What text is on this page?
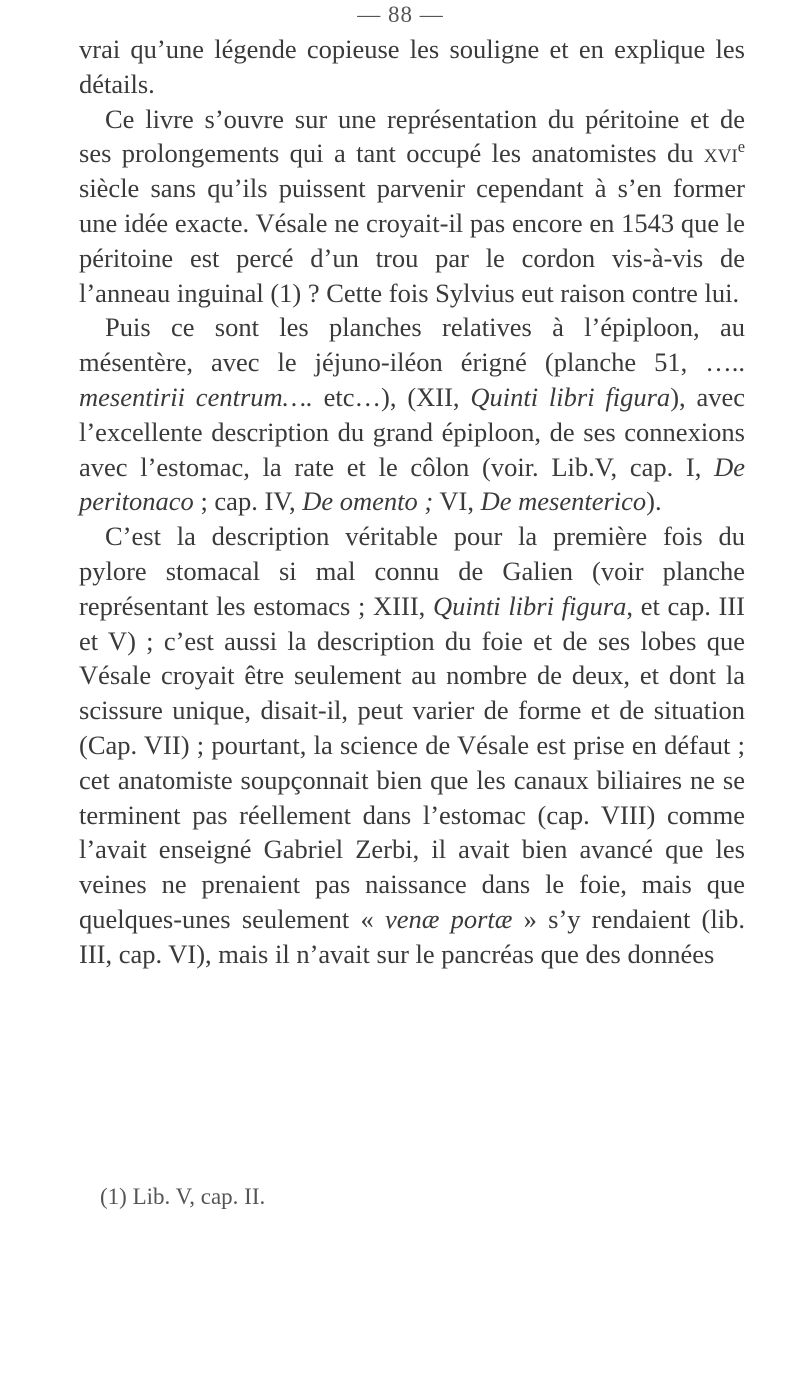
— 88 —

vrai qu’une légende copieuse les souligne et en explique les détails.

Ce livre s’ouvre sur une représentation du péritoine et de ses prolongements qui a tant occupé les anatomistes du xvi$^e$ siècle sans qu’ils puissent parvenir cependant à s’en former une idée exacte. Vésale ne croyait-il pas encore en 1543 que le péritoine est percé d’un trou par le cordon vis-à-vis de l’anneau inguinal (1) ? Cette fois Sylvius eut raison contre lui.

Puis ce sont les planches relatives à l’épiploon, au mésentère, avec le jéjuno-iléon érigné (planche 51, ….. mesentirii centrum…. etc…), (XII, Quinti libri figura), avec l’excellente description du grand épiploon, de ses connexions avec l’estomac, la rate et le côlon (voir. Lib.V, cap. I, De peritonaco ; cap. IV, De omento ; VI, De mesenterico).

C’est la description véritable pour la première fois du pylore stomacal si mal connu de Galien (voir planche représentant les estomacs ; XIII, Quinti libri figura, et cap. III et V) ; c’est aussi la description du foie et de ses lobes que Vésale croyait être seulement au nombre de deux, et dont la scissure unique, disait-il, peut varier de forme et de situation (Cap. VII) ; pourtant, la science de Vésale est prise en défaut ; cet anatomiste soupçonnait bien que les canaux biliaires ne se terminent pas réellement dans l’estomac (cap. VIII) comme l’avait enseigné Gabriel Zerbi, il avait bien avancé que les veines ne prenaient pas naissance dans le foie, mais que quelques-unes seulement « venæ portæ » s’y rendaient (lib. III, cap. VI), mais il n’avait sur le pancréas que des données

(1) Lib. V, cap. II.
